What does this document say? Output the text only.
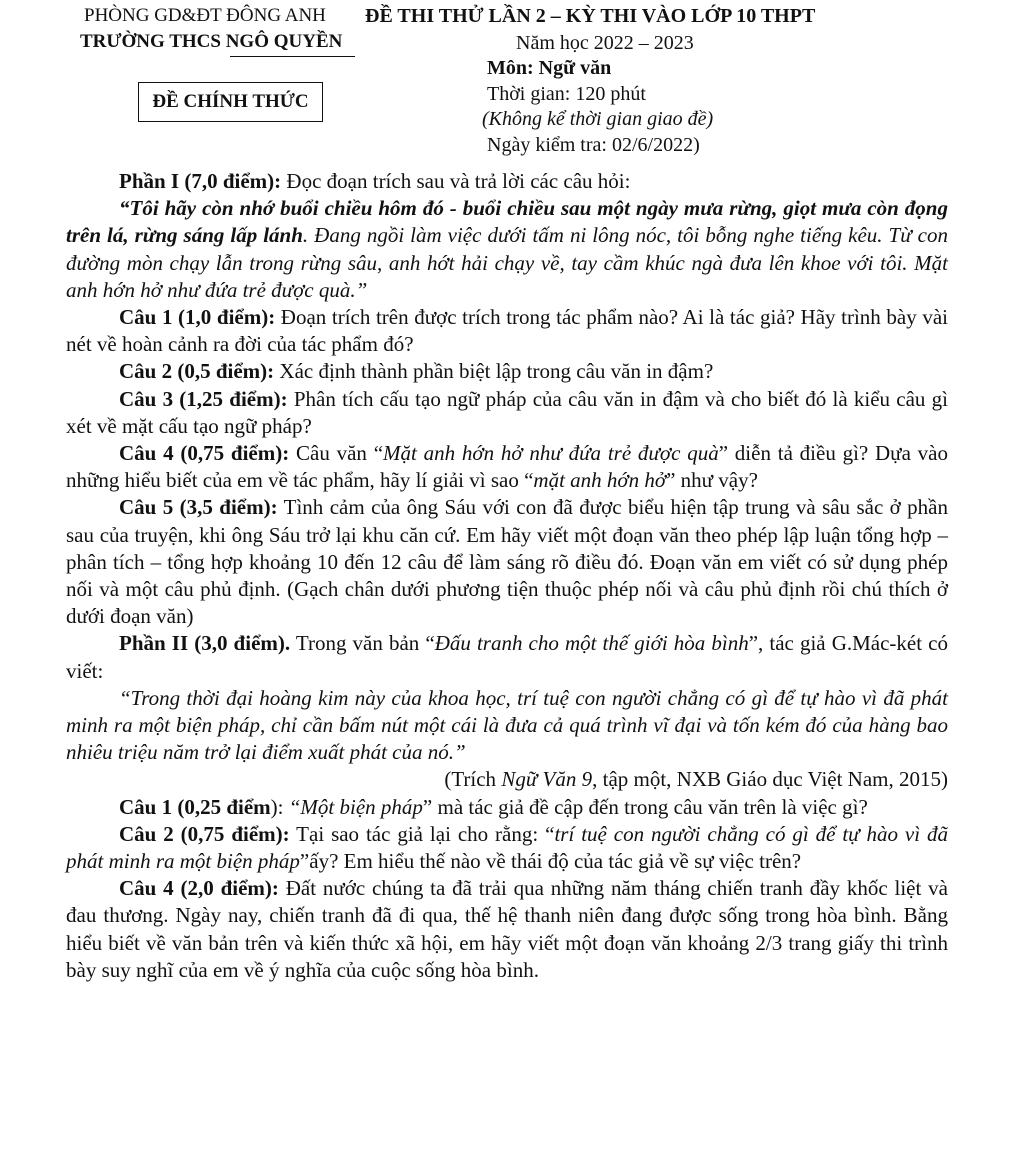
PHÒNG GD&ĐT ĐÔNG ANH
TRƯỜNG THCS NGÔ QUYỀN
ĐỀ THI THỬ LẦN 2 – KỲ THI VÀO LỚP 10 THPT
Năm học 2022 – 2023
Môn: Ngữ văn
Thời gian: 120 phút
(Không kể thời gian giao đề)
Ngày kiểm tra: 02/6/2022)
ĐỀ CHÍNH THỨC

Phần I (7,0 điểm): Đọc đoạn trích sau và trả lời các câu hỏi:

“Tôi hãy còn nhớ buổi chiều hôm đó - buổi chiều sau một ngày mưa rừng, giọt mưa còn đọng trên lá, rừng sáng lấp lánh. Đang ngồi làm việc dưới tấm ni lông nóc, tôi bỗng nghe tiếng kêu. Từ con đường mòn chạy lẫn trong rừng sâu, anh hớt hải chạy về, tay cầm khúc ngà đưa lên khoe với tôi. Mặt anh hớn hở như đứa trẻ được quà.”

Câu 1 (1,0 điểm): Đoạn trích trên được trích trong tác phẩm nào? Ai là tác giả? Hãy trình bày vài nét về hoàn cảnh ra đời của tác phẩm đó?

Câu 2 (0,5 điểm): Xác định thành phần biệt lập trong câu văn in đậm?

Câu 3 (1,25 điểm): Phân tích cấu tạo ngữ pháp của câu văn in đậm và cho biết đó là kiểu câu gì xét về mặt cấu tạo ngữ pháp?

Câu 4 (0,75 điểm): Câu văn “Mặt anh hớn hở như đứa trẻ được quà” diễn tả điều gì? Dựa vào những hiểu biết của em về tác phẩm, hãy lí giải vì sao “mặt anh hớn hở” như vậy?

Câu 5 (3,5 điểm): Tình cảm của ông Sáu với con đã được biểu hiện tập trung và sâu sắc ở phần sau của truyện, khi ông Sáu trở lại khu căn cứ. Em hãy viết một đoạn văn theo phép lập luận tổng hợp – phân tích – tổng hợp khoảng 10 đến 12 câu để làm sáng rõ điều đó. Đoạn văn em viết có sử dụng phép nối và một câu phủ định. (Gạch chân dưới phương tiện thuộc phép nối và câu phủ định rồi chú thích ở dưới đoạn văn)

Phần II (3,0 điểm). Trong văn bản “Đấu tranh cho một thế giới hòa bình”, tác giả G.Mác-két có viết:

“Trong thời đại hoàng kim này của khoa học, trí tuệ con người chẳng có gì để tự hào vì đã phát minh ra một biện pháp, chỉ cần bấm nút một cái là đưa cả quá trình vĩ đại và tốn kém đó của hàng bao nhiêu triệu năm trở lại điểm xuất phát của nó.”

(Trích Ngữ Văn 9, tập một, NXB Giáo dục Việt Nam, 2015)

Câu 1 (0,25 điểm): “Một biện pháp” mà tác giả đề cập đến trong câu văn trên là việc gì?

Câu 2 (0,75 điểm): Tại sao tác giả lại cho rằng: “trí tuệ con người chẳng có gì để tự hào vì đã phát minh ra một biện pháp”ấy? Em hiểu thế nào về thái độ của tác giả về sự việc trên?

Câu 4 (2,0 điểm): Đất nước chúng ta đã trải qua những năm tháng chiến tranh đầy khốc liệt và đau thương. Ngày nay, chiến tranh đã đi qua, thế hệ thanh niên đang được sống trong hòa bình. Bằng hiểu biết về văn bản trên và kiến thức xã hội, em hãy viết một đoạn văn khoảng 2/3 trang giấy thi trình bày suy nghĩ của em về ý nghĩa của cuộc sống hòa bình.
